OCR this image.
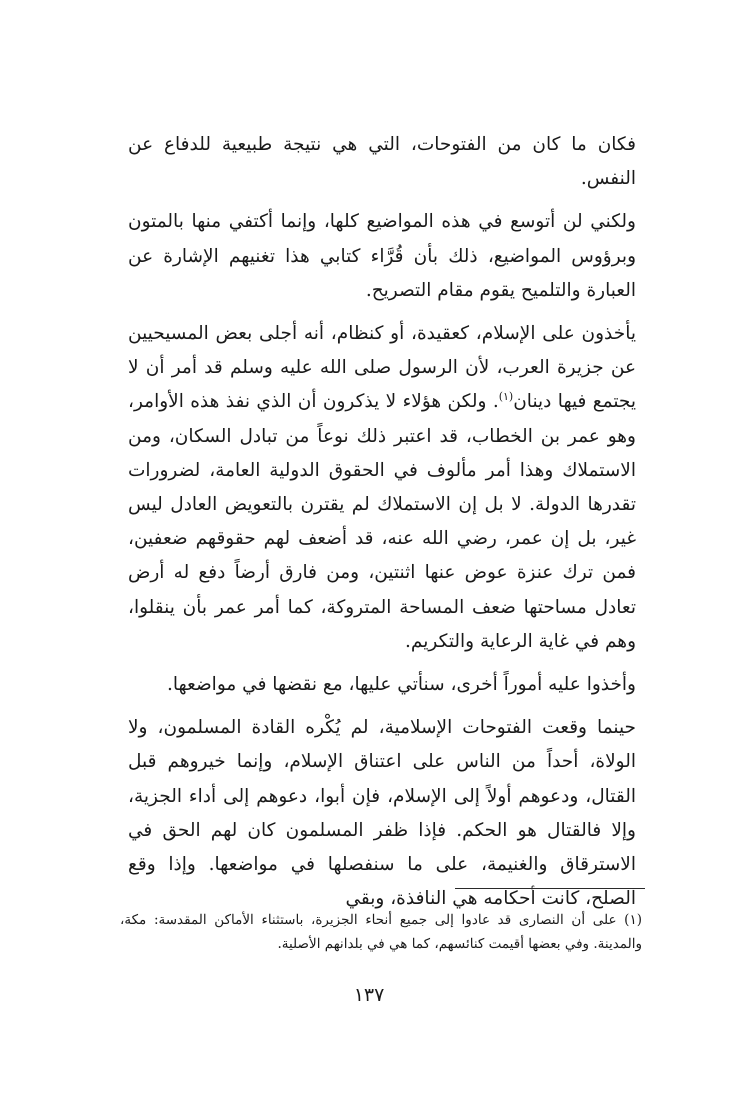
فكان ما كان من الفتوحات، التي هي نتيجة طبيعية للدفاع عن النفس.

ولكني لن أتوسع في هذه المواضيع كلها، وإنما أكتفي منها بالمتون وبرؤوس المواضيع، ذلك بأن قُرَّاء كتابي هذا تغنيهم الإشارة عن العبارة والتلميح يقوم مقام التصريح.

يأخذون على الإسلام، كعقيدة، أو كنظام، أنه أجلى بعض المسيحيين عن جزيرة العرب، لأن الرسول صلى الله عليه وسلم قد أمر أن لا يجتمع فيها دينان$^{(١)}$. ولكن هؤلاء لا يذكرون أن الذي نفذ هذه الأوامر، وهو عمر بن الخطاب، قد اعتبر ذلك نوعاً من تبادل السكان، ومن الاستملاك وهذا أمر مألوف في الحقوق الدولية العامة، لضرورات تقدرها الدولة. لا بل إن الاستملاك لم يقترن بالتعويض العادل ليس غير، بل إن عمر، رضي الله عنه، قد أضعف لهم حقوقهم ضعفين، فمن ترك عنزة عوض عنها اثنتين، ومن فارق أرضاً دفع له أرض تعادل مساحتها ضعف المساحة المتروكة، كما أمر عمر بأن ينقلوا، وهم في غاية الرعاية والتكريم.

وأخذوا عليه أموراً أخرى، سنأتي عليها، مع نقضها في مواضعها.

حينما وقعت الفتوحات الإسلامية، لم يُكْره القادة المسلمون، ولا الولاة، أحداً من الناس على اعتناق الإسلام، وإنما خيروهم قبل القتال، ودعوهم أولاً إلى الإسلام، فإن أبوا، دعوهم إلى أداء الجزية، وإلا فالقتال هو الحكم. فإذا ظفر المسلمون كان لهم الحق في الاسترقاق والغنيمة، على ما سنفصلها في مواضعها. وإذا وقع الصلح، كانت أحكامه هي النافذة، وبقي

(١) على أن النصارى قد عادوا إلى جميع أنحاء الجزيرة، باستثناء الأماكن المقدسة: مكة، والمدينة. وفي بعضها أقيمت كنائسهم، كما هي في بلدانهم الأصلية.

١٣٧
